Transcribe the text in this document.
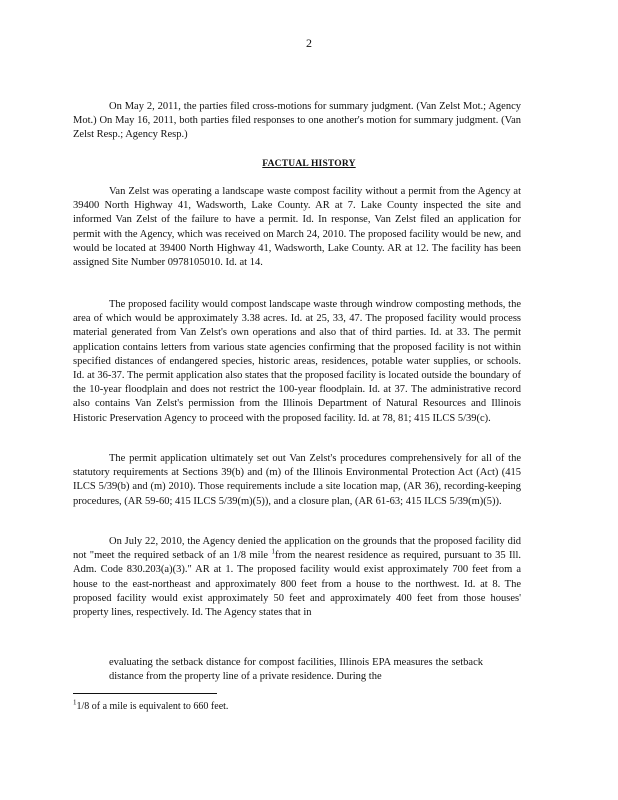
2

On May 2, 2011, the parties filed cross-motions for summary judgment. (Van Zelst Mot.; Agency Mot.) On May 16, 2011, both parties filed responses to one another's motion for summary judgment. (Van Zelst Resp.; Agency Resp.)

FACTUAL HISTORY

Van Zelst was operating a landscape waste compost facility without a permit from the Agency at 39400 North Highway 41, Wadsworth, Lake County. AR at 7. Lake County inspected the site and informed Van Zelst of the failure to have a permit. Id. In response, Van Zelst filed an application for permit with the Agency, which was received on March 24, 2010. The proposed facility would be new, and would be located at 39400 North Highway 41, Wadsworth, Lake County. AR at 12. The facility has been assigned Site Number 0978105010. Id. at 14.

The proposed facility would compost landscape waste through windrow composting methods, the area of which would be approximately 3.38 acres. Id. at 25, 33, 47. The proposed facility would process material generated from Van Zelst's own operations and also that of third parties. Id. at 33. The permit application contains letters from various state agencies confirming that the proposed facility is not within specified distances of endangered species, historic areas, residences, potable water supplies, or schools. Id. at 36-37. The permit application also states that the proposed facility is located outside the boundary of the 10-year floodplain and does not restrict the 100-year floodplain. Id. at 37. The administrative record also contains Van Zelst's permission from the Illinois Department of Natural Resources and Illinois Historic Preservation Agency to proceed with the proposed facility. Id. at 78, 81; 415 ILCS 5/39(c).

The permit application ultimately set out Van Zelst's procedures comprehensively for all of the statutory requirements at Sections 39(b) and (m) of the Illinois Environmental Protection Act (Act) (415 ILCS 5/39(b) and (m) 2010). Those requirements include a site location map, (AR 36), recording-keeping procedures, (AR 59-60; 415 ILCS 5/39(m)(5)), and a closure plan, (AR 61-63; 415 ILCS 5/39(m)(5)).

On July 22, 2010, the Agency denied the application on the grounds that the proposed facility did not "meet the required setback of an 1/8 mile $^1$from the nearest residence as required, pursuant to 35 Ill. Adm. Code 830.203(a)(3)." AR at 1. The proposed facility would exist approximately 700 feet from a house to the east-northeast and approximately 800 feet from a house to the northwest. Id. at 8. The proposed facility would exist approximately 50 feet and approximately 400 feet from those houses' property lines, respectively. Id. The Agency states that in

evaluating the setback distance for compost facilities, Illinois EPA measures the setback distance from the property line of a private residence. During the

$^1$1/8 of a mile is equivalent to 660 feet.
